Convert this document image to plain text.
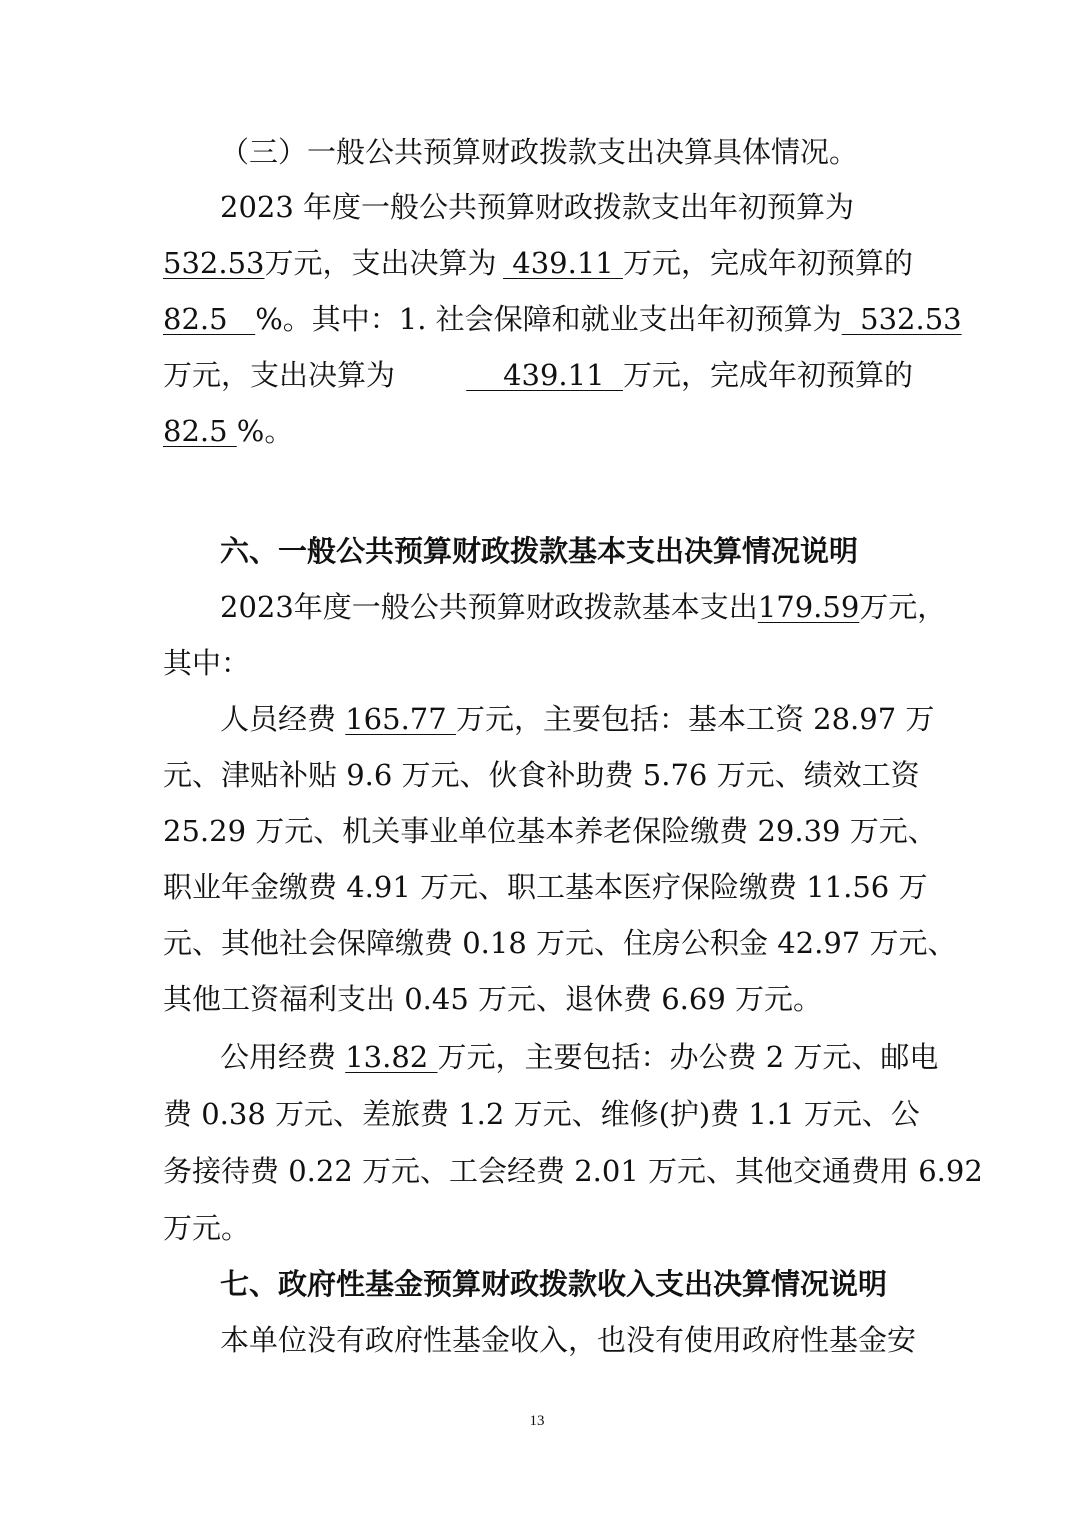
（三）一般公共预算财政拨款支出决算具体情况。
2023 年度一般公共预算财政拨款支出年初预算为
532.53万元，支出决算为 439.11 万元，完成年初预算的
82.5   %。其中：1. 社会保障和就业支出年初预算为 532.53
万元，支出决算为 439.11  万元，完成年初预算的
82.5 %。
六、一般公共预算财政拨款基本支出决算情况说明
2023年度一般公共预算财政拨款基本支出 179.59万元，
其中：
人员经费 165.77 万元，主要包括：基本工资 28.97 万
元、津贴补贴 9.6 万元、伙食补助费 5.76 万元、绩效工资
25.29 万元、机关事业单位基本养老保险缴费 29.39 万元、
职业年金缴费 4.91 万元、职工基本医疗保险缴费 11.56 万
元、其他社会保障缴费 0.18 万元、住房公积金 42.97 万元、
其他工资福利支出 0.45 万元、退休费 6.69 万元。
公用经费 13.82 万元，主要包括：办公费 2 万元、邮电
费 0.38 万元、差旅费 1.2 万元、维修(护)费 1.1 万元、公
务接待费 0.22 万元、工会经费 2.01 万元、其他交通费用 6.92
万元。
七、政府性基金预算财政拨款收入支出决算情况说明
本单位没有政府性基金收入，也没有使用政府性基金安
13
